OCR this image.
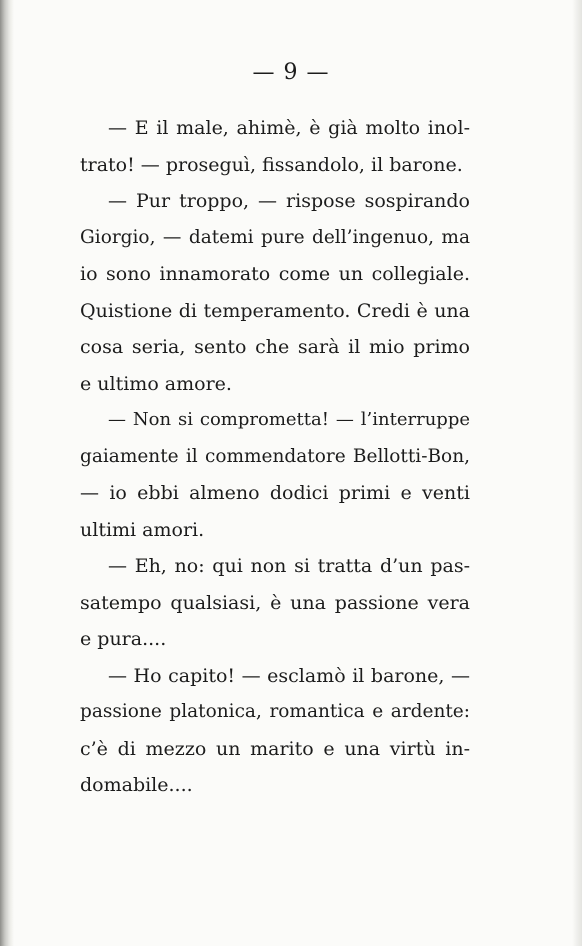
— 9 —
— E il male, ahimè, è già molto inol-
trato! — proseguì, fissandolo, il barone.
— Pur troppo, — rispose sospirando
Giorgio, — datemi pure dell’ingenuo, ma
io sono innamorato come un collegiale.
Quistione di temperamento. Credi è una
cosa seria, sento che sarà il mio primo
e ultimo amore.
— Non si comprometta! — l’interruppe
gaiamente il commendatore Bellotti-Bon,
— io ebbi almeno dodici primi e venti
ultimi amori.
— Eh, no: qui non si tratta d’un pas-
satempo qualsiasi, è una passione vera
e pura....
— Ho capito! — esclamò il barone, —
passione platonica, romantica e ardente:
c’è di mezzo un marito e una virtù in-
domabile....
